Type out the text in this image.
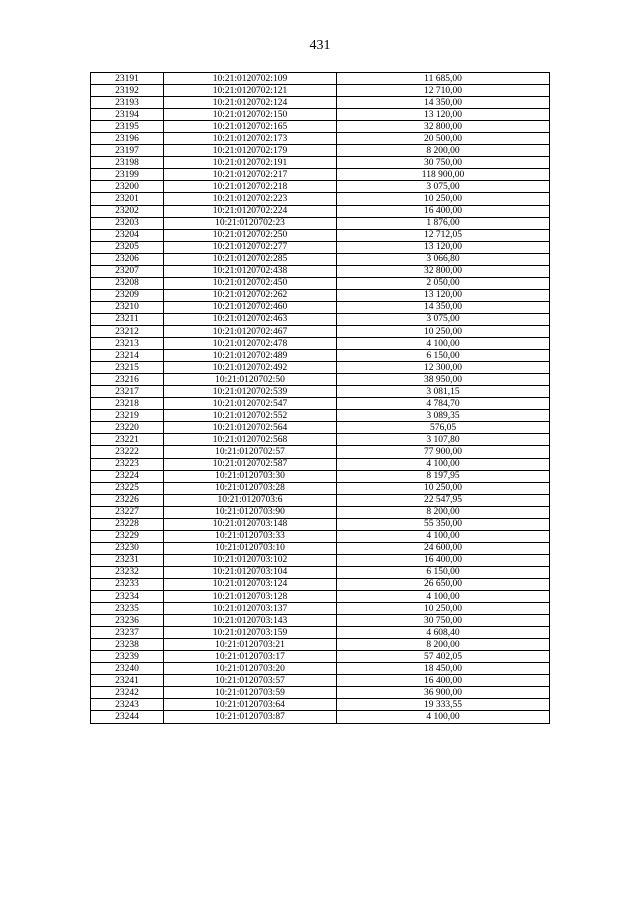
431
23191	10:21:0120702:109	11 685,00
23192	10:21:0120702:121	12 710,00
23193	10:21:0120702:124	14 350,00
23194	10:21:0120702:150	13 120,00
23195	10:21:0120702:165	32 800,00
23196	10:21:0120702:173	20 500,00
23197	10:21:0120702:179	8 200,00
23198	10:21:0120702:191	30 750,00
23199	10:21:0120702:217	118 900,00
23200	10:21:0120702:218	3 075,00
23201	10:21:0120702:223	10 250,00
23202	10:21:0120702:224	16 400,00
23203	10:21:0120702:23	1 876,00
23204	10:21:0120702:250	12 712,05
23205	10:21:0120702:277	13 120,00
23206	10:21:0120702:285	3 066,80
23207	10:21:0120702:438	32 800,00
23208	10:21:0120702:450	2 050,00
23209	10:21:0120702:262	13 120,00
23210	10:21:0120702:460	14 350,00
23211	10:21:0120702:463	3 075,00
23212	10:21:0120702:467	10 250,00
23213	10:21:0120702:478	4 100,00
23214	10:21:0120702:489	6 150,00
23215	10:21:0120702:492	12 300,00
23216	10:21:0120702:50	38 950,00
23217	10:21:0120702:539	3 081,15
23218	10:21:0120702:547	4 784,70
23219	10:21:0120702:552	3 089,35
23220	10:21:0120702:564	576,05
23221	10:21:0120702:568	3 107,80
23222	10:21:0120702:57	77 900,00
23223	10:21:0120702:587	4 100,00
23224	10:21:0120703:30	8 197,95
23225	10:21:0120703:28	10 250,00
23226	10:21:0120703:6	22 547,95
23227	10:21:0120703:90	8 200,00
23228	10:21:0120703:148	55 350,00
23229	10:21:0120703:33	4 100,00
23230	10:21:0120703:10	24 600,00
23231	10:21:0120703:102	16 400,00
23232	10:21:0120703:104	6 150,00
23233	10:21:0120703:124	26 650,00
23234	10:21:0120703:128	4 100,00
23235	10:21:0120703:137	10 250,00
23236	10:21:0120703:143	30 750,00
23237	10:21:0120703:159	4 608,40
23238	10:21:0120703:21	8 200,00
23239	10:21:0120703:17	57 402,05
23240	10:21:0120703:20	18 450,00
23241	10:21:0120703:57	16 400,00
23242	10:21:0120703:59	36 900,00
23243	10:21:0120703:64	19 333,55
23244	10:21:0120703:87	4 100,00
